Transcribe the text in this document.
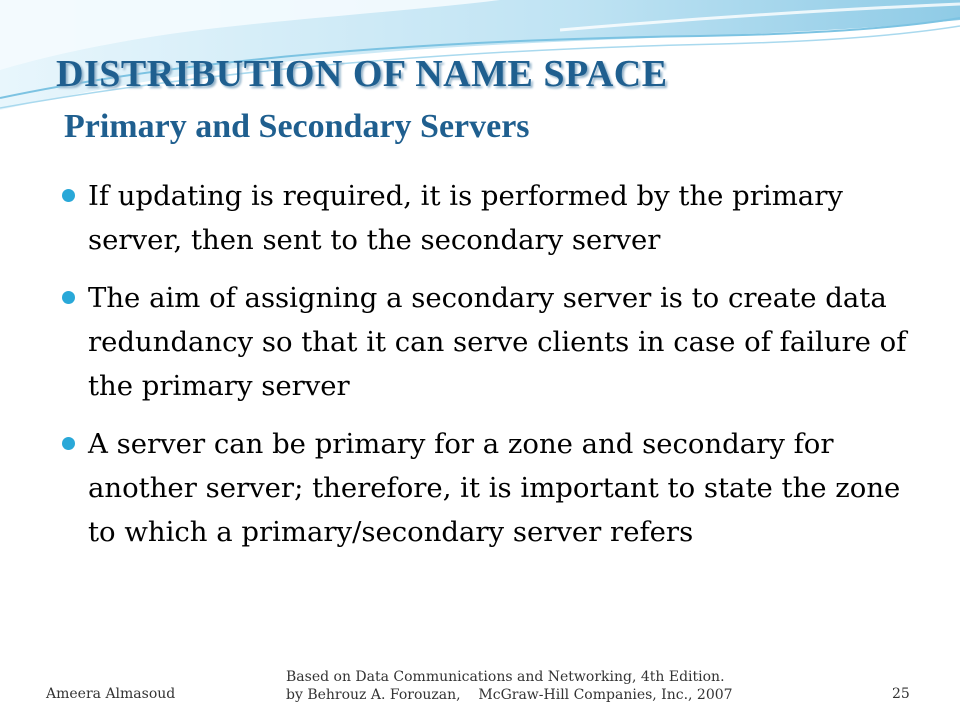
DISTRIBUTION OF NAME SPACE
Primary and Secondary Servers
If updating is required, it is performed by the primary server, then sent to the secondary server
The aim of assigning a secondary server is to create data redundancy so that it can serve clients in case of failure of the primary server
A server can be primary for a zone and secondary for another server; therefore, it is important to state the zone to which a primary/secondary server refers
Ameera Almasoud
Based on Data Communications and Networking, 4th Edition.
by Behrouz A. Forouzan,    McGraw-Hill Companies, Inc., 2007	25
